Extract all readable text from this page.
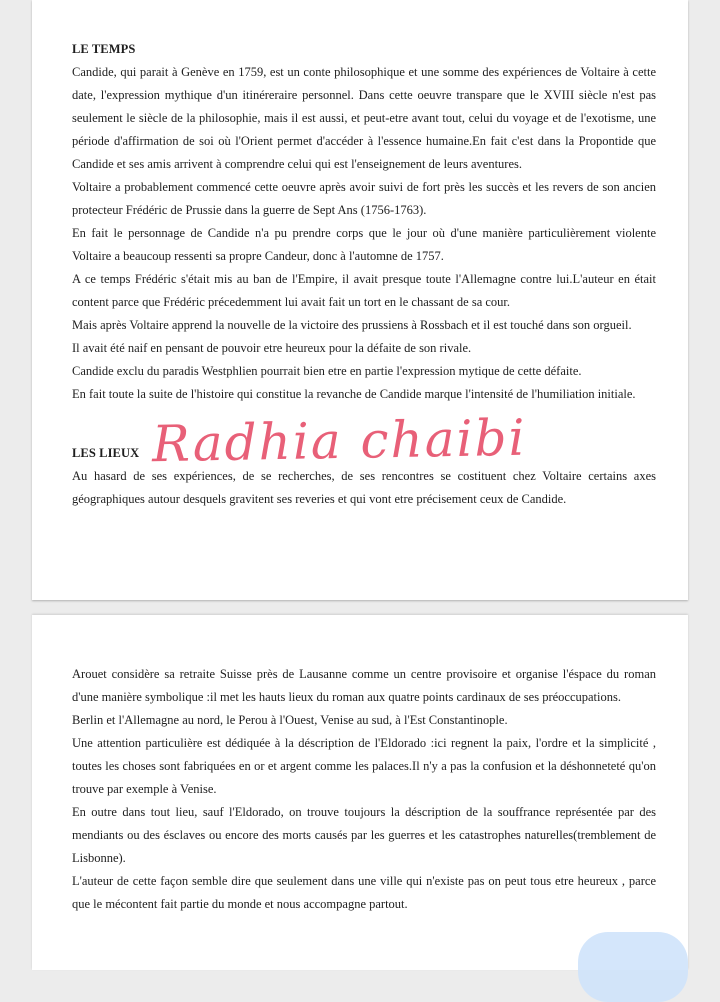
LE TEMPS

Candide, qui parait à Genève en 1759, est un conte philosophique et une somme des expériences de Voltaire à cette date, l'expression mythique d'un itinéreraire personnel. Dans cette oeuvre transpare que le XVIII siècle n'est pas seulement le siècle de la philosophie, mais il est aussi, et peut-etre avant tout, celui du voyage et de l'exotisme, une période d'affirmation de soi où l'Orient permet d'accéder à l'essence humaine.En fait c'est dans la Propontide que Candide et ses amis arrivent à comprendre celui qui est l'enseignement de leurs aventures.

Voltaire a probablement commencé cette oeuvre après avoir suivi de fort près les succès et les revers de son ancien protecteur Frédéric de Prussie dans la guerre de Sept Ans (1756-1763).

En fait le personnage de Candide n'a pu prendre corps que le jour où d'une manière particulièrement violente Voltaire a beaucoup ressenti sa propre Candeur, donc à l'automne de 1757.

A ce temps Frédéric s'était mis au ban de l'Empire, il avait presque toute l'Allemagne contre lui.L'auteur en était content parce que Frédéric précedemment lui avait fait un tort en le chassant de sa cour.

Mais après Voltaire apprend la nouvelle de la victoire des prussiens à Rossbach et il est touché dans son orgueil.

Il avait été naif en pensant de pouvoir etre heureux pour la défaite de son rivale.

Candide exclu du paradis Westphlien pourrait bien etre en partie l'expression mytique de cette défaite.

En fait toute la suite de l'histoire qui constitue la revanche de Candide marque l'intensité de l'humiliation initiale.

LES LIEUX

Au hasard de ses expériences, de se recherches, de ses rencontres se costituent chez Voltaire certains axes géographiques autour desquels gravitent ses reveries et qui vont etre précisement ceux de Candide.

Radhia chaibi

Arouet considère sa retraite Suisse près de Lausanne comme un centre provisoire et organise l'éspace du roman d'une manière symbolique :il met les hauts lieux du roman aux quatre points cardinaux de ses préoccupations.

Berlin et l'Allemagne au nord, le Perou à l'Ouest, Venise au sud, à l'Est Constantinople.

Une attention particulière est dédiquée à la déscription de l'Eldorado :ici regnent la paix, l'ordre et la simplicité , toutes les choses sont fabriquées en or et argent comme les palaces.Il n'y a pas la confusion et la déshonneteté qu'on trouve par exemple à Venise.

En outre dans tout lieu, sauf l'Eldorado, on trouve toujours la déscription de la souffrance représentée par des mendiants ou des ésclaves ou encore des morts causés par les guerres et les catastrophes naturelles(tremblement de Lisbonne).

L'auteur de cette façon semble dire que seulement dans une ville qui n'existe pas on peut tous etre heureux , parce que le mécontent fait partie du monde et nous accompagne partout.
